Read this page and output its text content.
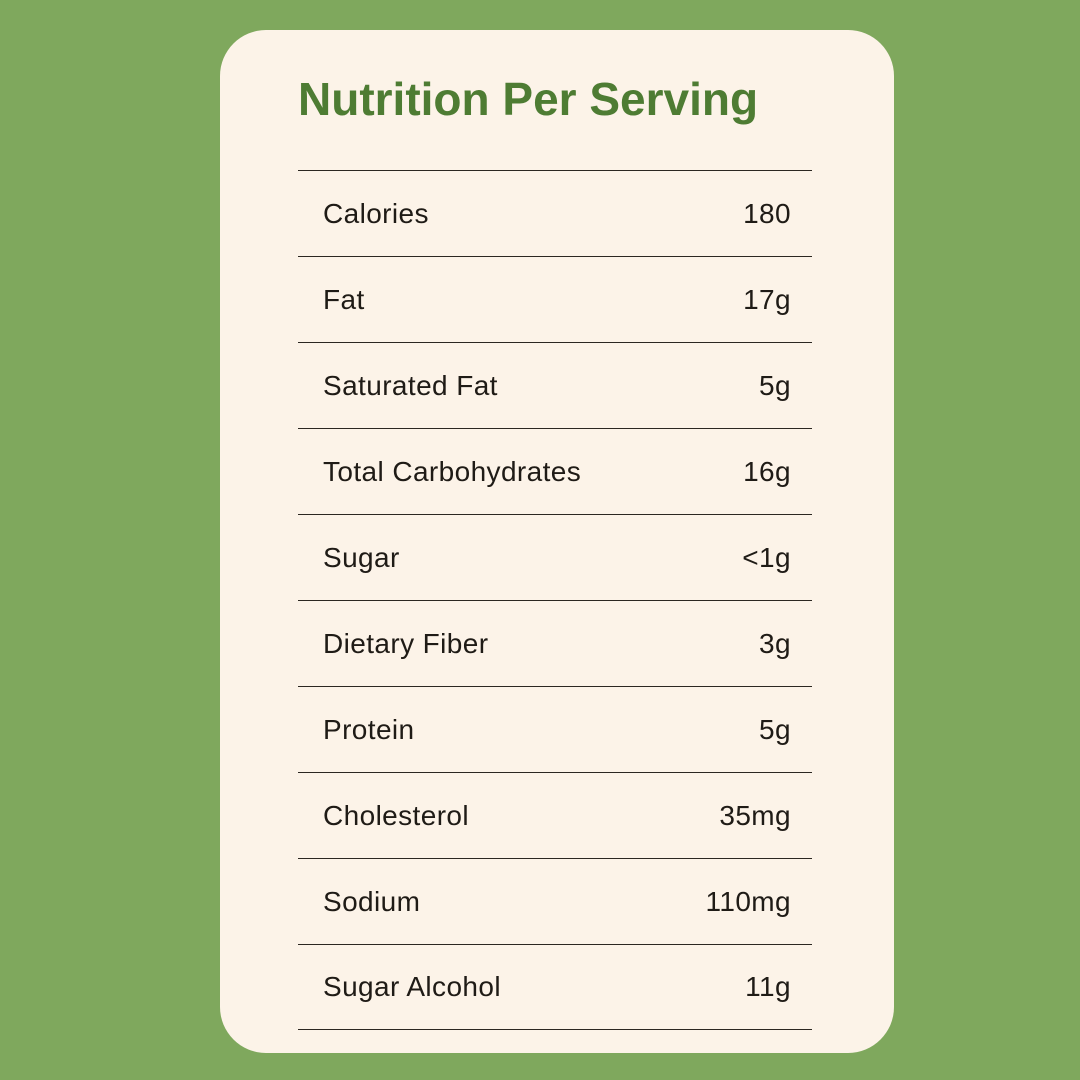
Nutrition Per Serving
Calories	180
Fat	17g
Saturated Fat	5g
Total Carbohydrates	16g
Sugar	<1g
Dietary Fiber	3g
Protein	5g
Cholesterol	35mg
Sodium	110mg
Sugar Alcohol	11g
